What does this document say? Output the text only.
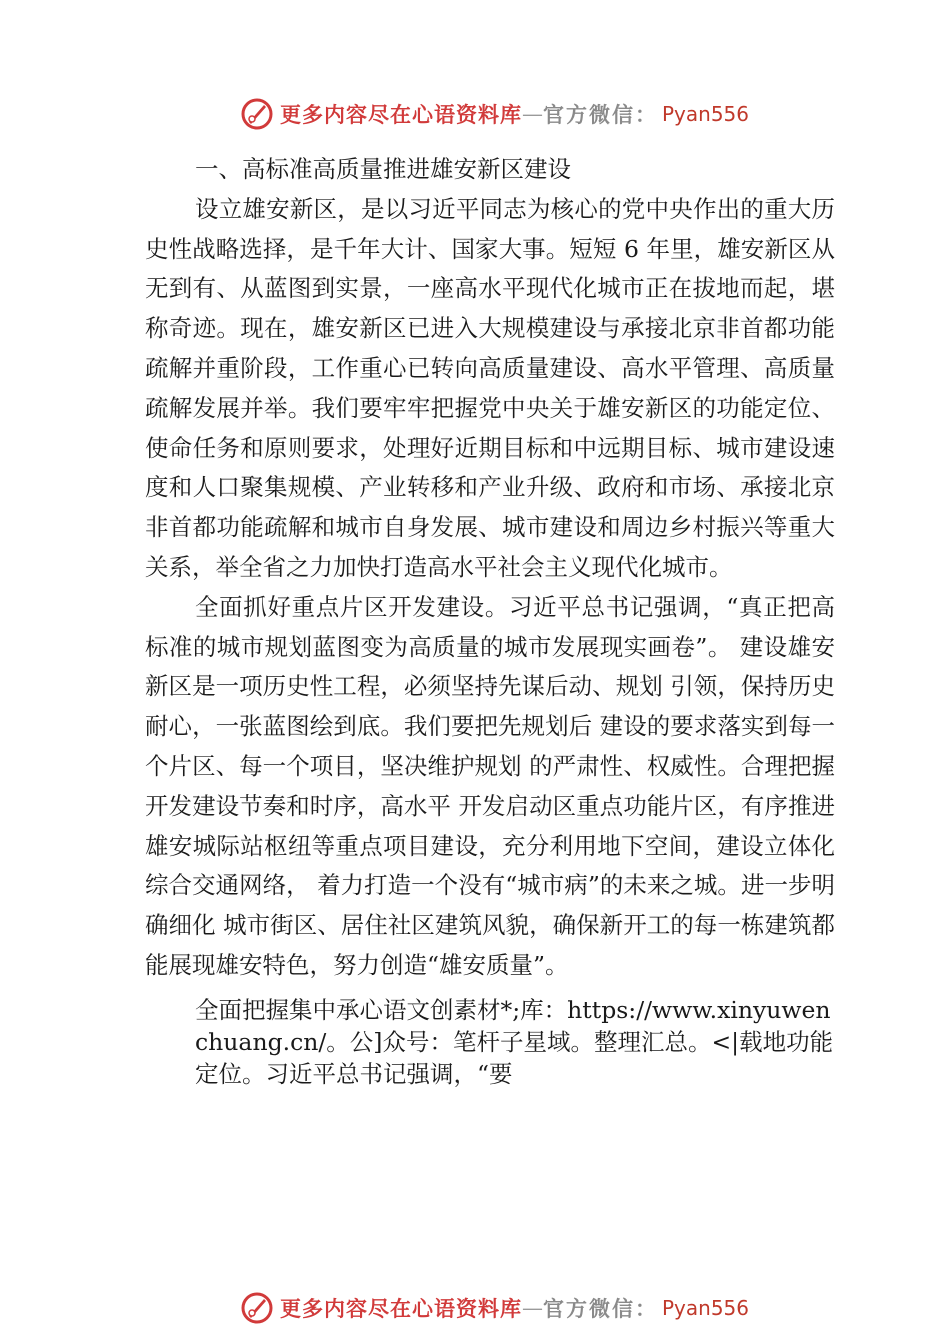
更多内容尽在心语资料库 — 官方微信： Pyan556

一、高标准高质量推进雄安新区建设

设立雄安新区，是以习近平同志为核心的党中央作出的重大历史性战略选择，是千年大计、国家大事。短短 6 年里，雄安新区从无到有、从蓝图到实景，一座高水平现代化城市正在拔地而起，堪称奇迹。现在，雄安新区已进入大规模建设与承接北京非首都功能疏解并重阶段，工作重心已转向高质量建设、高水平管理、高质量疏解发展并举。我们要牢牢把握党中央关于雄安新区的功能定位、使命任务和原则要求，处理好近期目标和中远期目标、城市建设速度和人口聚集规模、产业转移和产业升级、政府和市场、承接北京非首都功能疏解和城市自身发展、城市建设和周边乡村振兴等重大关系，举全省之力加快打造高水平社会主义现代化城市。

全面抓好重点片区开发建设。习近平总书记强调，“真正把高标准的城市规划蓝图变为高质量的城市发展现实画卷”。 建设雄安新区是一项历史性工程，必须坚持先谋后动、规划 引领，保持历史耐心，一张蓝图绘到底。我们要把先规划后 建设的要求落实到每一个片区、每一个项目，坚决维护规划 的严肃性、权威性。合理把握开发建设节奏和时序，高水平 开发启动区重点功能片区，有序推进雄安城际站枢纽等重点项目建设，充分利用地下空间，建设立体化综合交通网络， 着力打造一个没有“城市病”的未来之城。进一步明确细化 城市街区、居住社区建筑风貌，确保新开工的每一栋建筑都 能展现雄安特色，努力创造“雄安质量”。

全面把握集中承心语文创素材*;库：https://www.xinyuwenchuang.cn/。公]众号：笔杆子星域。整理汇总。<|载地功能定位。习近平总书记强调，“要

更多内容尽在心语资料库 — 官方微信： Pyan556
